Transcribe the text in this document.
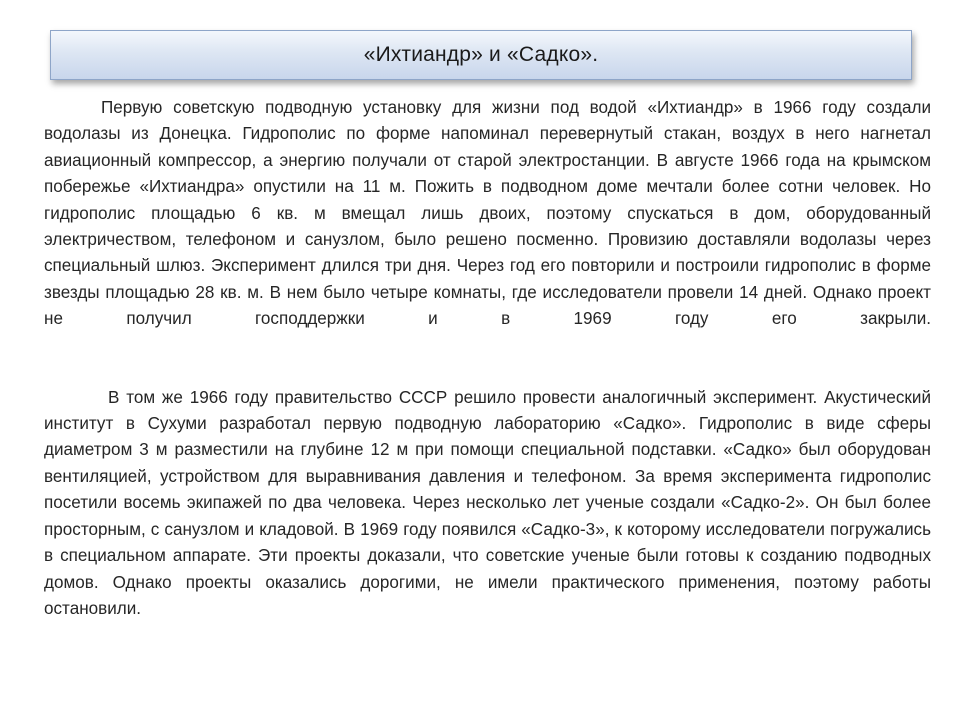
«Ихтиандр» и «Садко».

Первую советскую подводную установку для жизни под водой «Ихтиандр» в 1966 году создали водолазы из Донецка. Гидрополис по форме напоминал перевернутый стакан, воздух в него нагнетал авиационный компрессор, а энергию получали от старой электростанции. В августе 1966 года на крымском побережье «Ихтиандра» опустили на 11 м. Пожить в подводном доме мечтали более сотни человек. Но гидрополис площадью 6 кв. м вмещал лишь двоих, поэтому спускаться в дом, оборудованный электричеством, телефоном и санузлом, было решено посменно. Провизию доставляли водолазы через специальный шлюз. Эксперимент длился три дня. Через год его повторили и построили гидрополис в форме звезды площадью 28 кв. м. В нем было четыре комнаты, где исследователи провели 14 дней. Однако проект не получил господдержки и в 1969 году его закрыли.

В том же 1966 году правительство СССР решило провести аналогичный эксперимент. Акустический институт в Сухуми разработал первую подводную лабораторию «Садко». Гидрополис в виде сферы диаметром 3 м разместили на глубине 12 м при помощи специальной подставки. «Садко» был оборудован вентиляцией, устройством для выравнивания давления и телефоном. За время эксперимента гидрополис посетили восемь экипажей по два человека. Через несколько лет ученые создали «Садко-2». Он был более просторным, с санузлом и кладовой. В 1969 году появился «Садко-3», к которому исследователи погружались в специальном аппарате. Эти проекты доказали, что советские ученые были готовы к созданию подводных домов. Однако проекты оказались дорогими, не имели практического применения, поэтому работы остановили.
